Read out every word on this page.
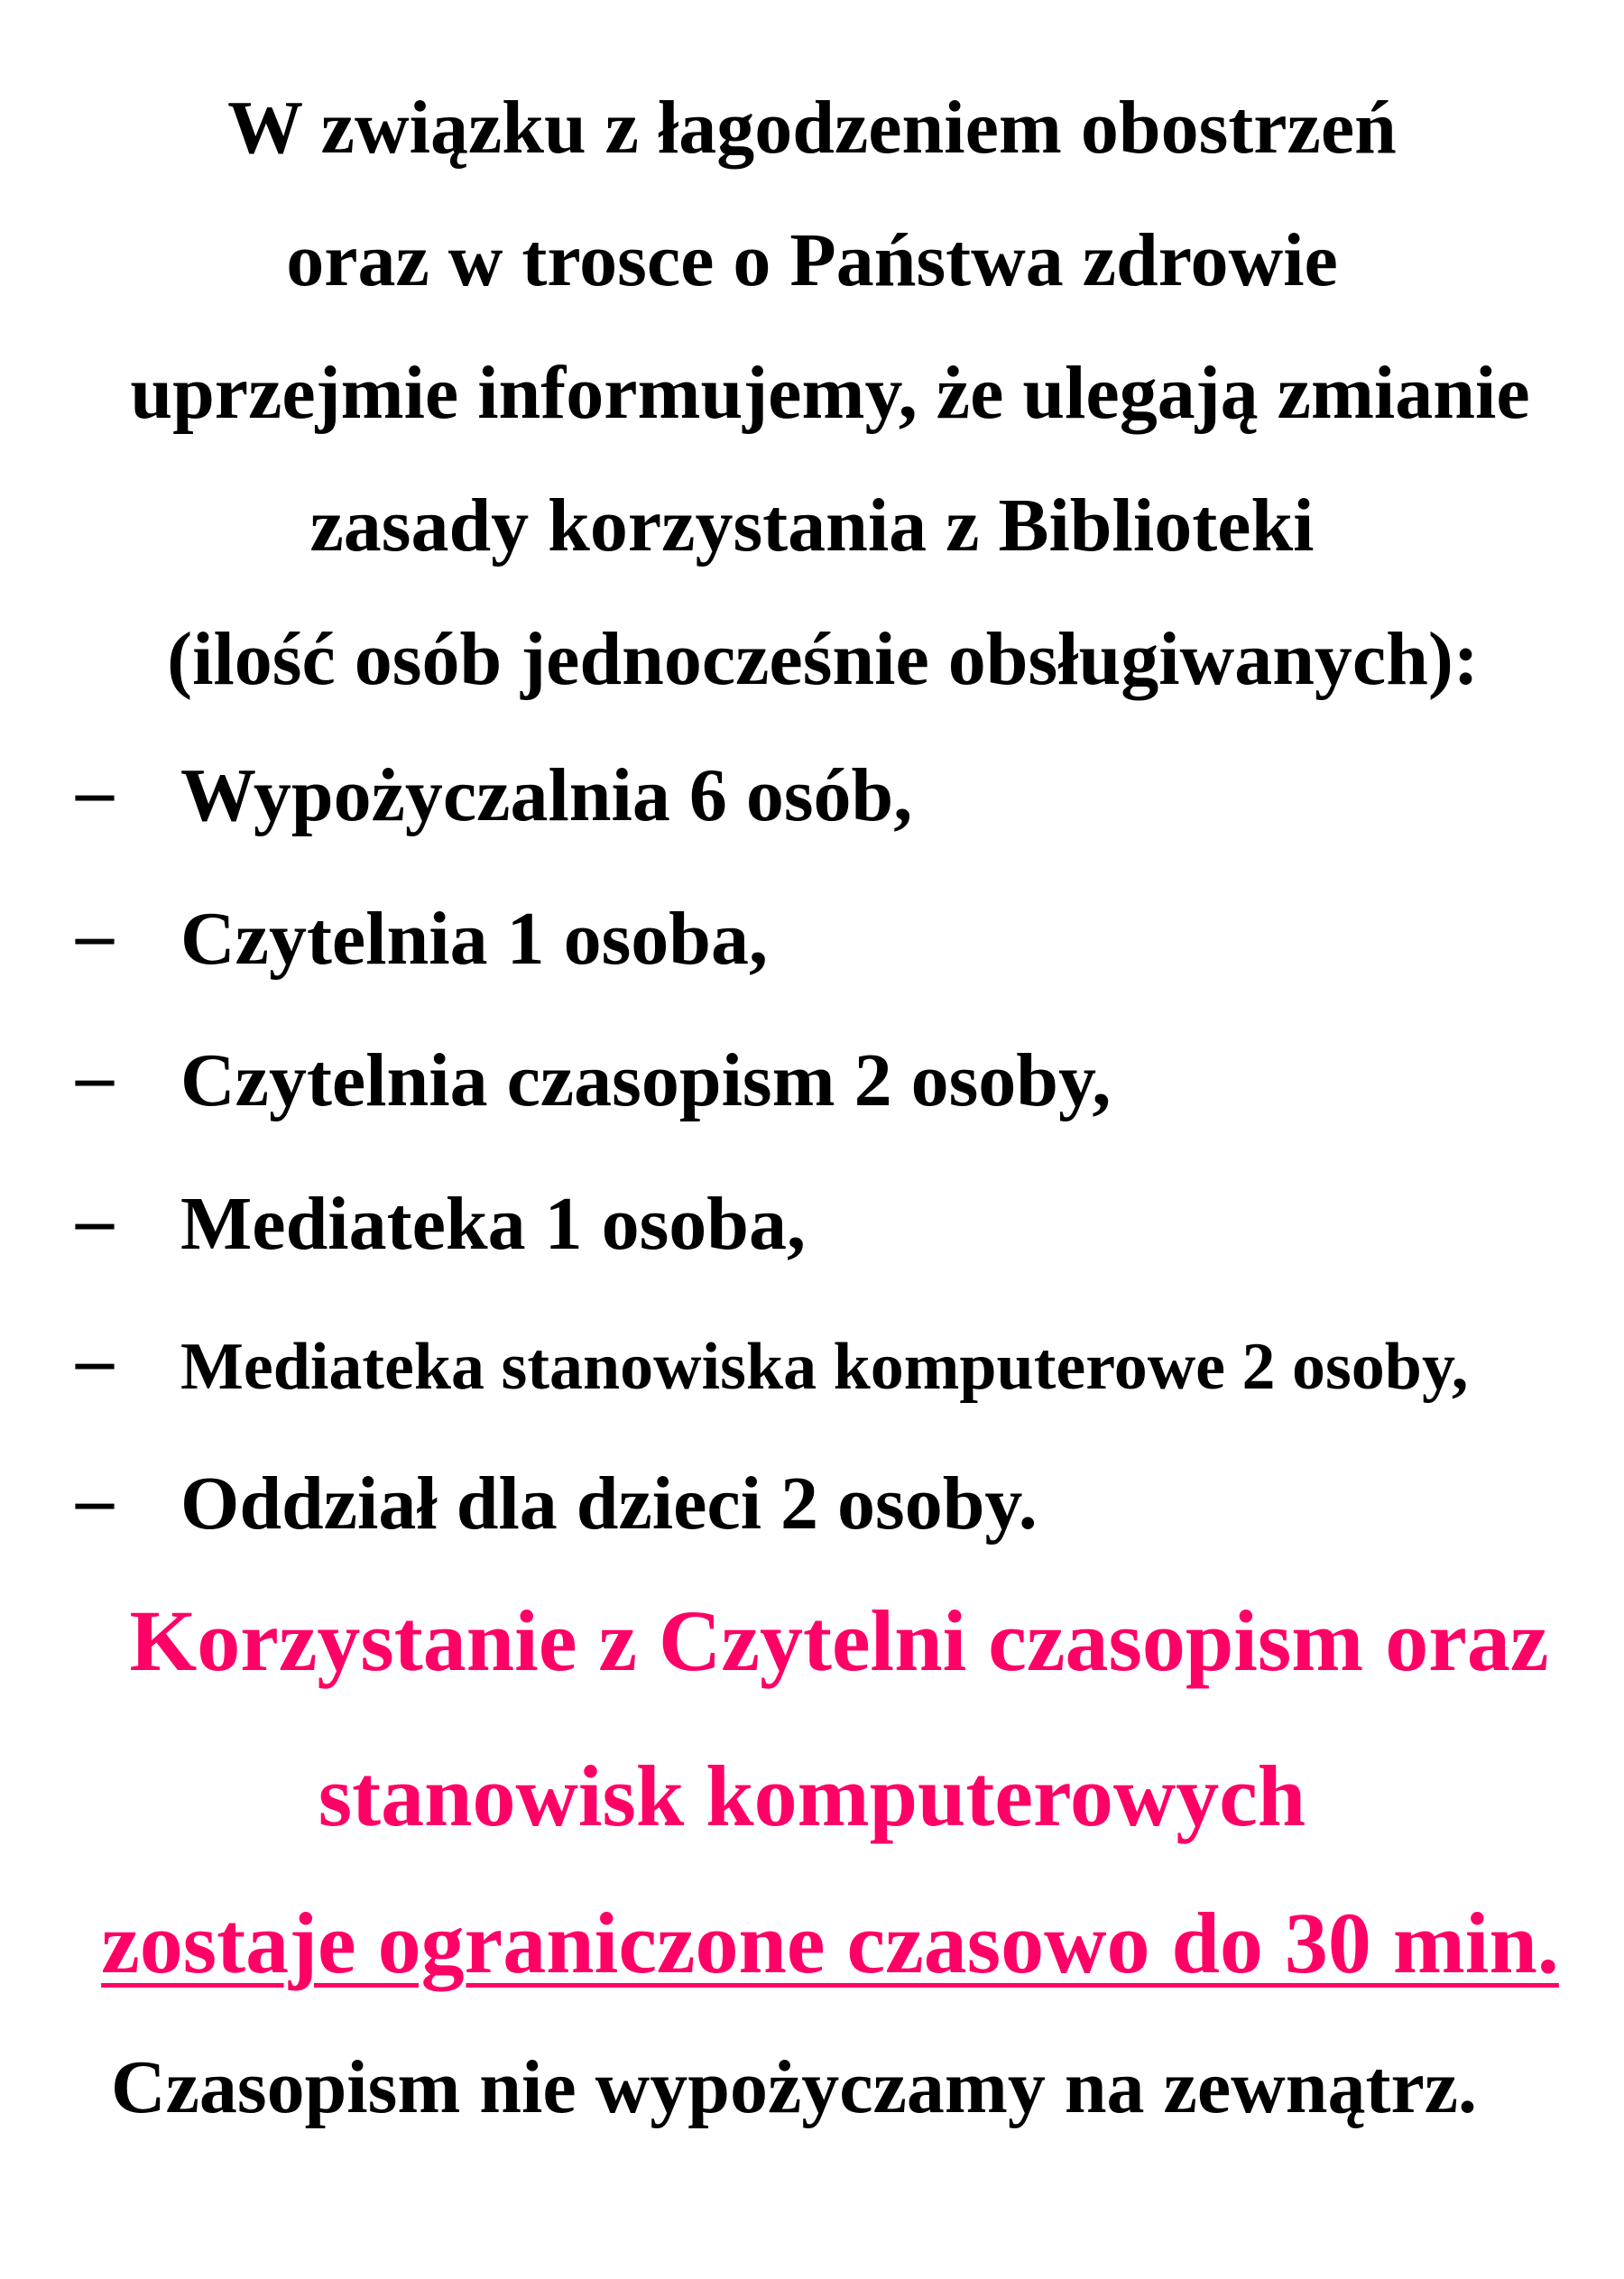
W związku z łagodzeniem obostrzeń
oraz w trosce o Państwa zdrowie
uprzejmie informujemy, że ulegają zmianie
zasady korzystania z Biblioteki
(ilość osób jednocześnie obsługiwanych):
– Wypożyczalnia 6 osób,
– Czytelnia 1 osoba,
– Czytelnia czasopism 2 osoby,
– Mediateka 1 osoba,
– Mediateka stanowiska komputerowe 2 osoby,
– Oddział dla dzieci 2 osoby.
Korzystanie z Czytelni czasopism oraz
stanowisk komputerowych
zostaje ograniczone czasowo do 30 min.
Czasopism nie wypożyczamy na zewnątrz.
